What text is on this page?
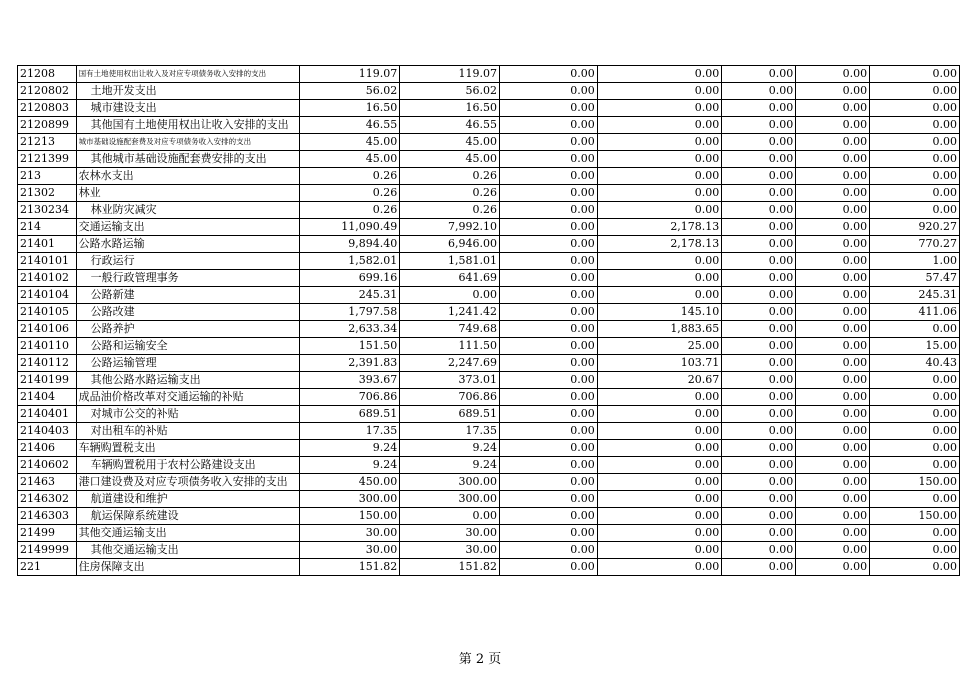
21208	国有土地使用权出让收入及对应专项债务收入安排的支出	119.07	119.07	0.00	0.00	0.00	0.00	0.00
2120802	土地开发支出	56.02	56.02	0.00	0.00	0.00	0.00	0.00
2120803	城市建设支出	16.50	16.50	0.00	0.00	0.00	0.00	0.00
2120899	其他国有土地使用权出让收入安排的支出	46.55	46.55	0.00	0.00	0.00	0.00	0.00
21213	城市基础设施配套费及对应专项债务收入安排的支出	45.00	45.00	0.00	0.00	0.00	0.00	0.00
2121399	其他城市基础设施配套费安排的支出	45.00	45.00	0.00	0.00	0.00	0.00	0.00
213	农林水支出	0.26	0.26	0.00	0.00	0.00	0.00	0.00
21302	林业	0.26	0.26	0.00	0.00	0.00	0.00	0.00
2130234	林业防灾减灾	0.26	0.26	0.00	0.00	0.00	0.00	0.00
214	交通运输支出	11,090.49	7,992.10	0.00	2,178.13	0.00	0.00	920.27
21401	公路水路运输	9,894.40	6,946.00	0.00	2,178.13	0.00	0.00	770.27
2140101	行政运行	1,582.01	1,581.01	0.00	0.00	0.00	0.00	1.00
2140102	一般行政管理事务	699.16	641.69	0.00	0.00	0.00	0.00	57.47
2140104	公路新建	245.31	0.00	0.00	0.00	0.00	0.00	245.31
2140105	公路改建	1,797.58	1,241.42	0.00	145.10	0.00	0.00	411.06
2140106	公路养护	2,633.34	749.68	0.00	1,883.65	0.00	0.00	0.00
2140110	公路和运输安全	151.50	111.50	0.00	25.00	0.00	0.00	15.00
2140112	公路运输管理	2,391.83	2,247.69	0.00	103.71	0.00	0.00	40.43
2140199	其他公路水路运输支出	393.67	373.01	0.00	20.67	0.00	0.00	0.00
21404	成品油价格改革对交通运输的补贴	706.86	706.86	0.00	0.00	0.00	0.00	0.00
2140401	对城市公交的补贴	689.51	689.51	0.00	0.00	0.00	0.00	0.00
2140403	对出租车的补贴	17.35	17.35	0.00	0.00	0.00	0.00	0.00
21406	车辆购置税支出	9.24	9.24	0.00	0.00	0.00	0.00	0.00
2140602	车辆购置税用于农村公路建设支出	9.24	9.24	0.00	0.00	0.00	0.00	0.00
21463	港口建设费及对应专项债务收入安排的支出	450.00	300.00	0.00	0.00	0.00	0.00	150.00
2146302	航道建设和维护	300.00	300.00	0.00	0.00	0.00	0.00	0.00
2146303	航运保障系统建设	150.00	0.00	0.00	0.00	0.00	0.00	150.00
21499	其他交通运输支出	30.00	30.00	0.00	0.00	0.00	0.00	0.00
2149999	其他交通运输支出	30.00	30.00	0.00	0.00	0.00	0.00	0.00
221	住房保障支出	151.82	151.82	0.00	0.00	0.00	0.00	0.00
第 2 页
